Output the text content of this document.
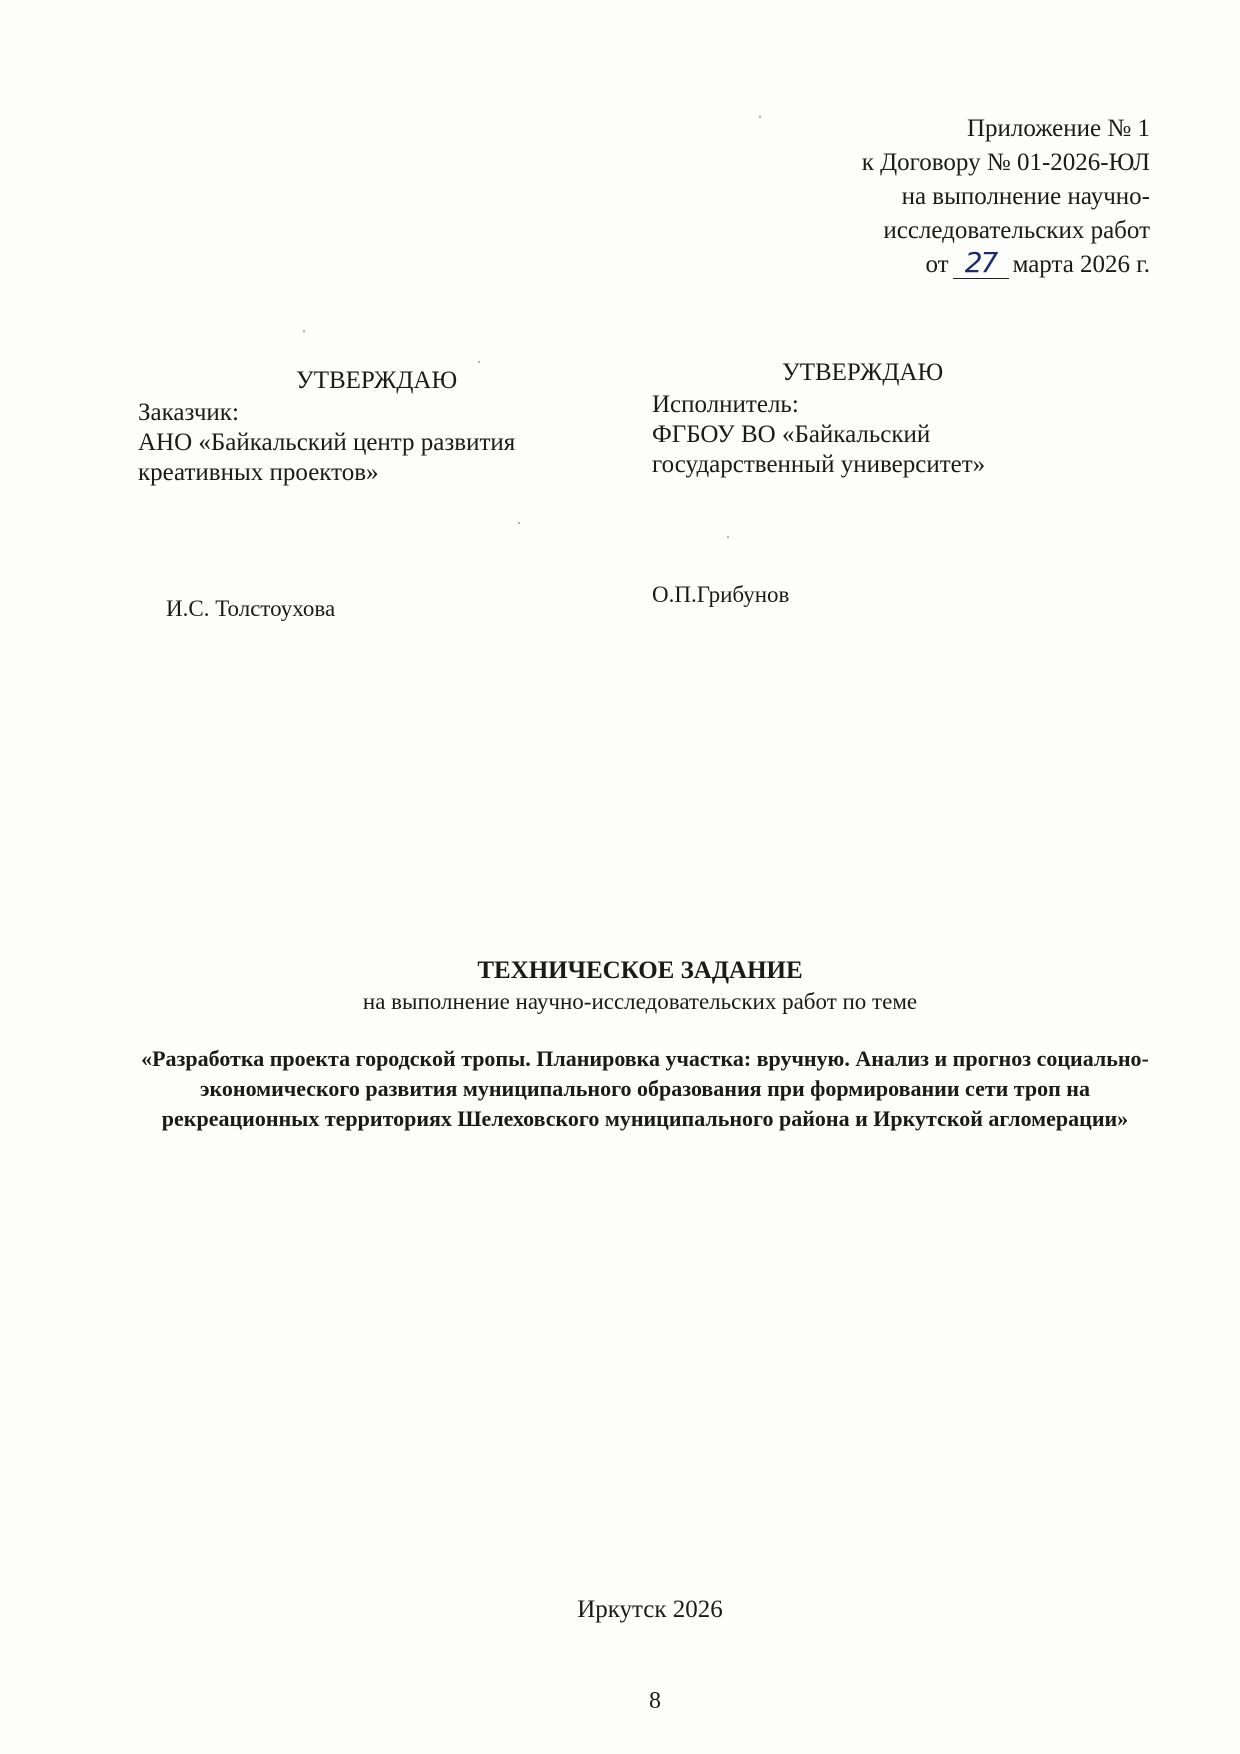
Приложение № 1
к Договору № 01-2026-ЮЛ
на выполнение научно-
исследовательских работ
от 27 марта 2026 г.
УТВЕРЖДАЮ
Заказчик:
АНО «Байкальский центр развития креативных проектов»
УТВЕРЖДАЮ
Исполнитель:
ФГБОУ ВО «Байкальский государственный университет»
И.С. Толстоухова
О.П.Грибунов
ТЕХНИЧЕСКОЕ ЗАДАНИЕ
на выполнение научно-исследовательских работ по теме
«Разработка проекта городской тропы. Планировка участка: вручную. Анализ и прогноз социально-экономического развития муниципального образования при формировании сети троп на рекреационных территориях Шелеховского муниципального района и Иркутской агломерации»
Иркутск 2026
8
